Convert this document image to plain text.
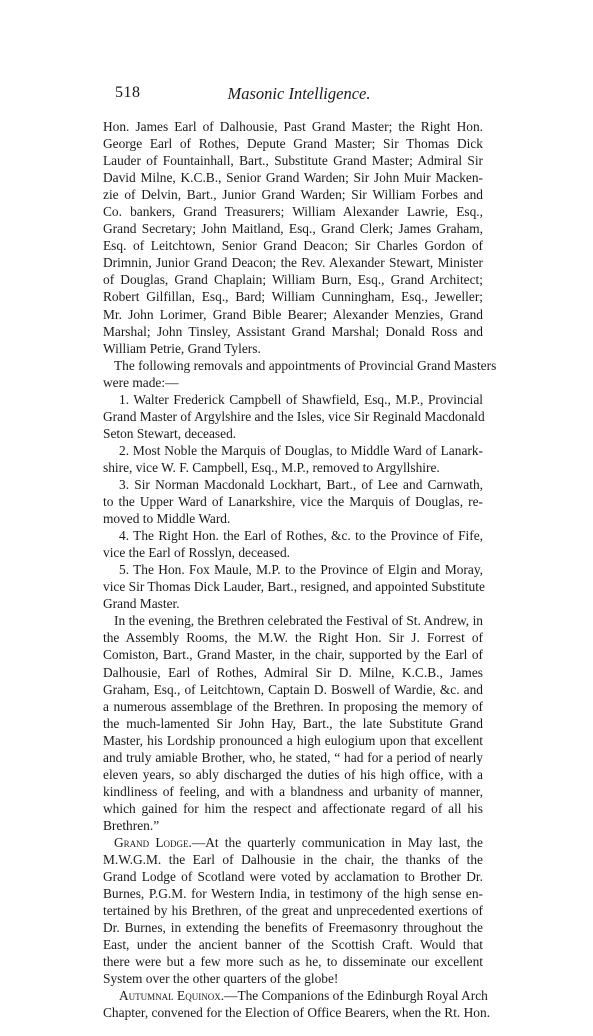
518	Masonic Intelligence.
Hon. James Earl of Dalhousie, Past Grand Master; the Right Hon.
George Earl of Rothes, Depute Grand Master; Sir Thomas Dick
Lauder of Fountainhall, Bart., Substitute Grand Master; Admiral Sir
David Milne, K.C.B., Senior Grand Warden; Sir John Muir Macken-
zie of Delvin, Bart., Junior Grand Warden; Sir William Forbes and
Co. bankers, Grand Treasurers; William Alexander Lawrie, Esq.,
Grand Secretary; John Maitland, Esq., Grand Clerk; James Graham,
Esq. of Leitchtown, Senior Grand Deacon; Sir Charles Gordon of
Drimnin, Junior Grand Deacon; the Rev. Alexander Stewart, Minister
of Douglas, Grand Chaplain; William Burn, Esq., Grand Architect;
Robert Gilfillan, Esq., Bard; William Cunningham, Esq., Jeweller;
Mr. John Lorimer, Grand Bible Bearer; Alexander Menzies, Grand
Marshal; John Tinsley, Assistant Grand Marshal; Donald Ross and
William Petrie, Grand Tylers.
The following removals and appointments of Provincial Grand Masters
were made:—
1. Walter Frederick Campbell of Shawfield, Esq., M.P., Provincial
Grand Master of Argylshire and the Isles, vice Sir Reginald Macdonald
Seton Stewart, deceased.
2. Most Noble the Marquis of Douglas, to Middle Ward of Lanark-
shire, vice W. F. Campbell, Esq., M.P., removed to Argyllshire.
3. Sir Norman Macdonald Lockhart, Bart., of Lee and Carnwath,
to the Upper Ward of Lanarkshire, vice the Marquis of Douglas, re-
moved to Middle Ward.
4. The Right Hon. the Earl of Rothes, &c. to the Province of Fife,
vice the Earl of Rosslyn, deceased.
5. The Hon. Fox Maule, M.P. to the Province of Elgin and Moray,
vice Sir Thomas Dick Lauder, Bart., resigned, and appointed Substitute
Grand Master.
In the evening, the Brethren celebrated the Festival of St. Andrew, in
the Assembly Rooms, the M.W. the Right Hon. Sir J. Forrest of
Comiston, Bart., Grand Master, in the chair, supported by the Earl of
Dalhousie, Earl of Rothes, Admiral Sir D. Milne, K.C.B., James
Graham, Esq., of Leitchtown, Captain D. Boswell of Wardie, &c. and
a numerous assemblage of the Brethren. In proposing the memory of
the much-lamented Sir John Hay, Bart., the late Substitute Grand
Master, his Lordship pronounced a high eulogium upon that excellent
and truly amiable Brother, who, he stated, “ had for a period of nearly
eleven years, so ably discharged the duties of his high office, with a
kindliness of feeling, and with a blandness and urbanity of manner,
which gained for him the respect and affectionate regard of all his
Brethren.”
Grand Lodge.—At the quarterly communication in May last, the
M.W.G.M. the Earl of Dalhousie in the chair, the thanks of the
Grand Lodge of Scotland were voted by acclamation to Brother Dr.
Burnes, P.G.M. for Western India, in testimony of the high sense en-
tertained by his Brethren, of the great and unprecedented exertions of
Dr. Burnes, in extending the benefits of Freemasonry throughout the
East, under the ancient banner of the Scottish Craft. Would that
there were but a few more such as he, to disseminate our excellent
System over the other quarters of the globe!
Autumnal Equinox.—The Companions of the Edinburgh Royal Arch
Chapter, convened for the Election of Office Bearers, when the Rt. Hon.
